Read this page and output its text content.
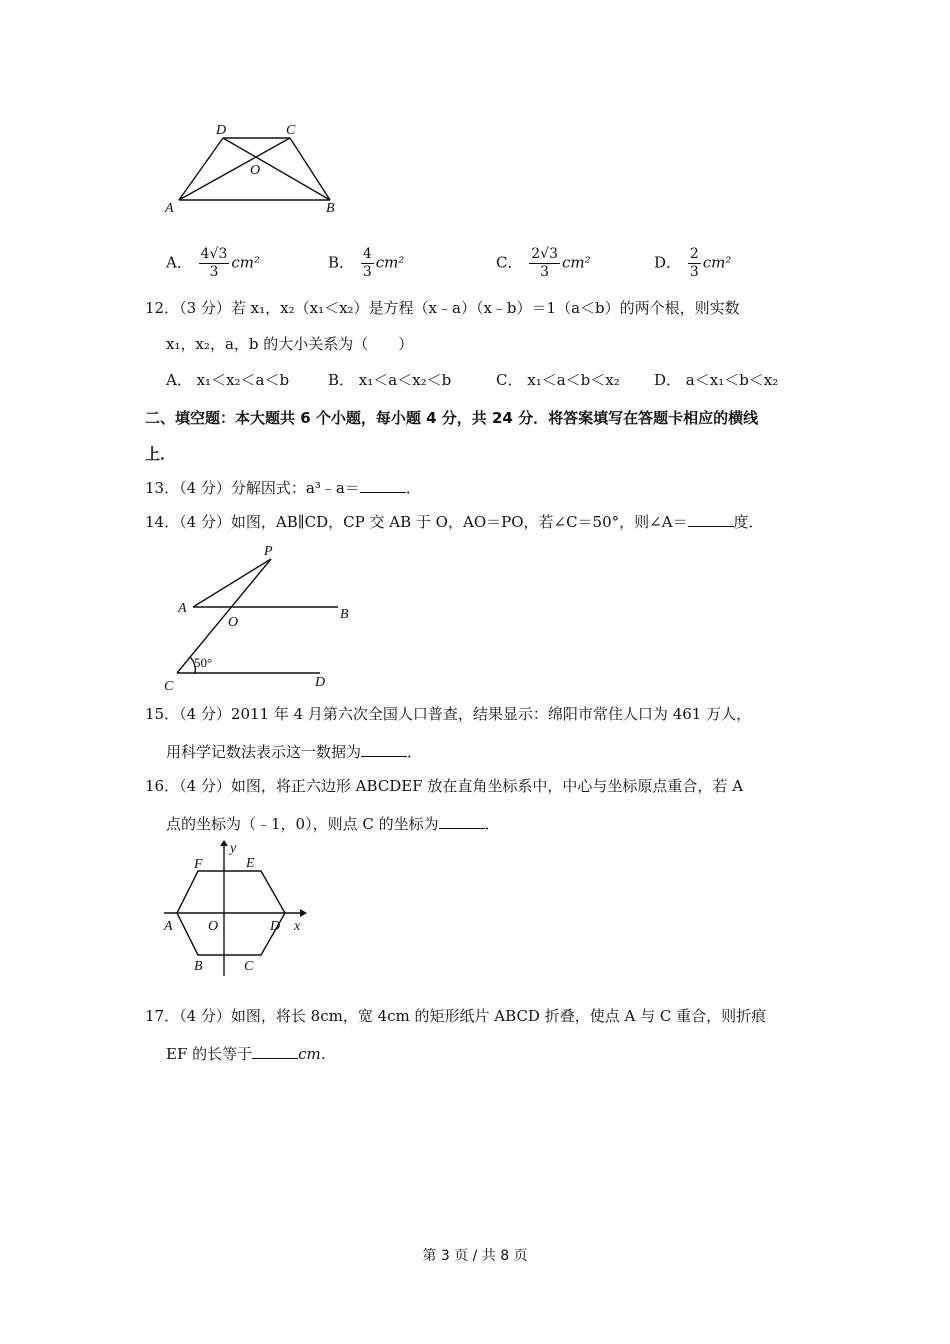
D	C
O
A	B
A． $\frac{4√3}{3} cm^2$	B． $\frac{4}{3} cm^2$	C． $\frac{2√3}{3} cm^2$	D． $\frac{2}{3} cm^2$
12．（3 分）若 x₁，x₂（x₁＜x₂）是方程（x﹣a）（x﹣b）＝1（a＜b）的两个根，则实数
x₁，x₂，a，b 的大小关系为（　　）
A． x₁＜x₂＜a＜b	B． x₁＜a＜x₂＜b	C． x₁＜a＜b＜x₂ D． a＜x₁＜b＜x₂
二、填空题：本大题共 6 个小题，每小题 4 分，共 24 分．将答案填写在答题卡相应的横线
上．
13．（4 分）分解因式：a³﹣a＝	．
14．（4 分）如图，AB∥CD，CP 交 AB 于 O，AO＝PO，若∠C＝50°，则∠A＝	度．
P
A
O
B
C	D
50°
15．（4 分）2011 年 4 月第六次全国人口普查，结果显示：绵阳市常住人口为 461 万人，
用科学记数法表示这一数据为	．
16．（4 分）如图，将正六边形 ABCDEF 放在直角坐标系中，中心与坐标原点重合，若 A
点的坐标为（﹣1，0），则点 C 的坐标为	．
F
y
E
A	O	D x
B	C
17．（4 分）如图，将长 8cm，宽 4cm 的矩形纸片 ABCD 折叠，使点 A 与 C 重合，则折痕
EF 的长等于	cm．
第 3 页 / 共 8 页
